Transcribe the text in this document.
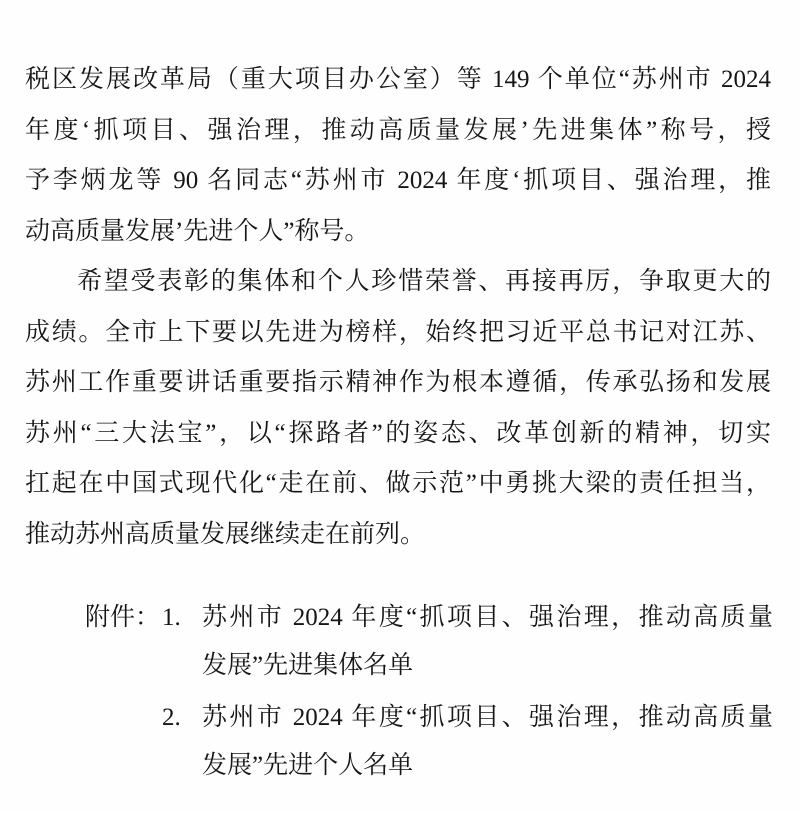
税区发展改革局（重大项目办公室）等 149 个单位“苏州市 2024
年度‘抓项目、强治理，推动高质量发展’先进集体”称号，授
予李炳龙等 90 名同志“苏州市 2024 年度‘抓项目、强治理，推
动高质量发展’先进个人”称号。
希望受表彰的集体和个人珍惜荣誉、再接再厉，争取更大的
成绩。全市上下要以先进为榜样，始终把习近平总书记对江苏、
苏州工作重要讲话重要指示精神作为根本遵循，传承弘扬和发展
苏州“三大法宝”，以“探路者”的姿态、改革创新的精神，切实
扛起在中国式现代化“走在前、做示范”中勇挑大梁的责任担当，
推动苏州高质量发展继续走在前列。
附件： 1. 苏州市 2024 年度“抓项目、强治理，推动高质量
发展”先进集体名单
2. 苏州市 2024 年度“抓项目、强治理，推动高质量
发展”先进个人名单
